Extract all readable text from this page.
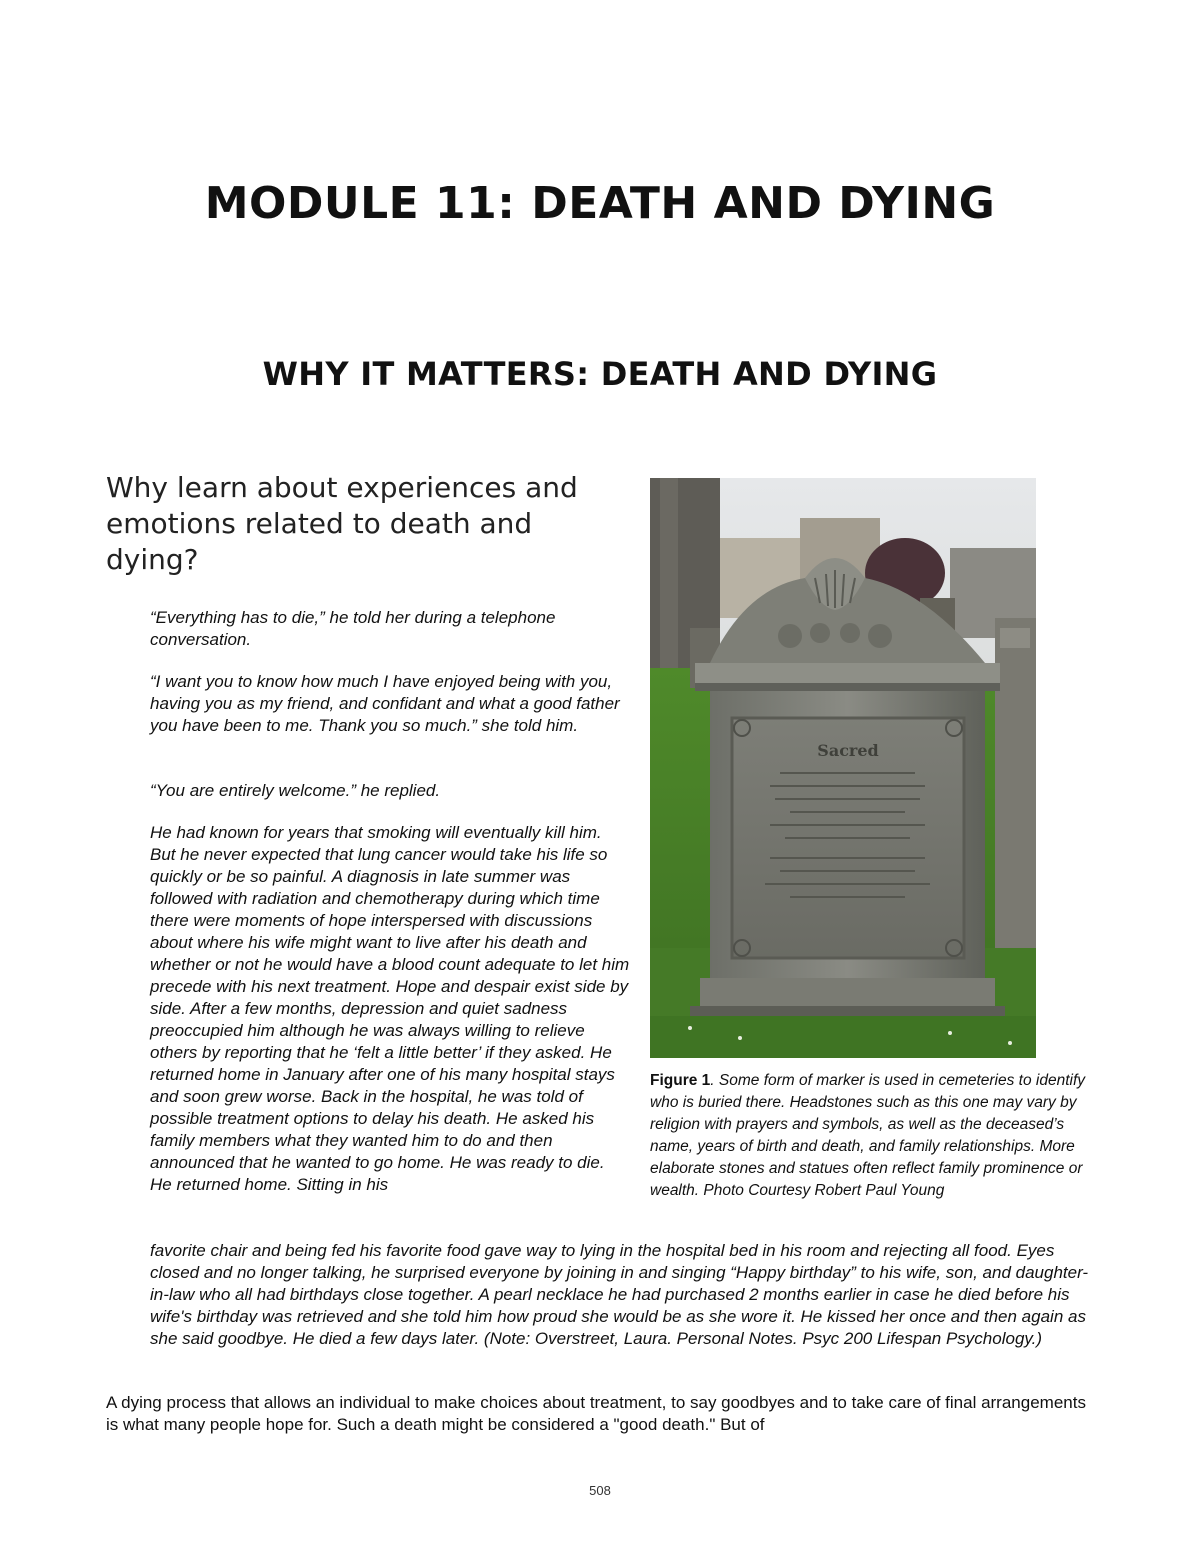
MODULE 11: DEATH AND DYING
WHY IT MATTERS: DEATH AND DYING
Why learn about experiences and emotions related to death and dying?

“Everything has to die,” he told her during a telephone conversation.

“I want you to know how much I have enjoyed being with you, having you as my friend, and confidant and what a good father you have been to me. Thank you so much.” she told him.

“You are entirely welcome.” he replied.

He had known for years that smoking will eventually kill him. But he never expected that lung cancer would take his life so quickly or be so painful. A diagnosis in late summer was followed with radiation and chemotherapy during which time there were moments of hope interspersed with discussions about where his wife might want to live after his death and whether or not he would have a blood count adequate to let him precede with his next treatment. Hope and despair exist side by side. After a few months, depression and quiet sadness preoccupied him although he was always willing to relieve others by reporting that he ‘felt a little better’ if they asked. He returned home in January after one of his many hospital stays and soon grew worse. Back in the hospital, he was told of possible treatment options to delay his death. He asked his family members what they wanted him to do and then announced that he wanted to go home. He was ready to die. He returned home. Sitting in his

Sacred

Figure 1. Some form of marker is used in cemeteries to identify who is buried there. Headstones such as this one may vary by religion with prayers and symbols, as well as the deceased’s name, years of birth and death, and family relationships. More elaborate stones and statues often reflect family prominence or wealth. Photo Courtesy Robert Paul Young

favorite chair and being fed his favorite food gave way to lying in the hospital bed in his room and rejecting all food. Eyes closed and no longer talking, he surprised everyone by joining in and singing “Happy birthday” to his wife, son, and daughter-in-law who all had birthdays close together. A pearl necklace he had purchased 2 months earlier in case he died before his wife's birthday was retrieved and she told him how proud she would be as she wore it. He kissed her once and then again as she said goodbye. He died a few days later. (Note: Overstreet, Laura. Personal Notes. Psyc 200 Lifespan Psychology.)

A dying process that allows an individual to make choices about treatment, to say goodbyes and to take care of final arrangements is what many people hope for. Such a death might be considered a "good death." But of

508
